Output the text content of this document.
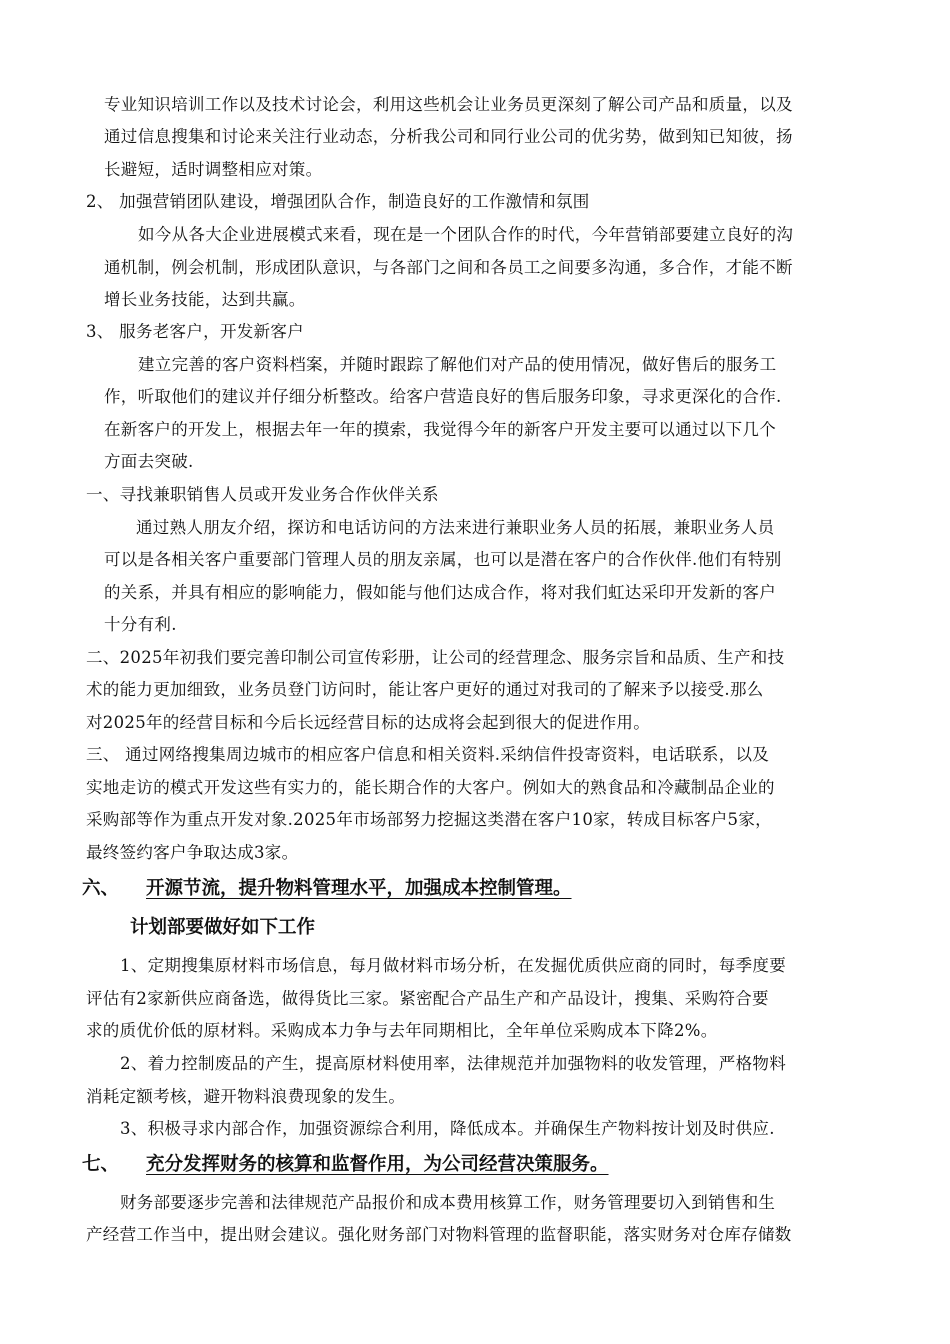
专业知识培训工作以及技术讨论会，利用这些机会让业务员更深刻了解公司产品和质量，以及
通过信息搜集和讨论来关注行业动态，分析我公司和同行业公司的优劣势，做到知已知彼，扬
长避短，适时调整相应对策。
2、 加强营销团队建设，增强团队合作，制造良好的工作激情和氛围
如今从各大企业进展模式来看，现在是一个团队合作的时代，今年营销部要建立良好的沟
通机制，例会机制，形成团队意识，与各部门之间和各员工之间要多沟通，多合作，才能不断
增长业务技能，达到共赢。
3、 服务老客户，开发新客户
建立完善的客户资料档案，并随时跟踪了解他们对产品的使用情况，做好售后的服务工
作，听取他们的建议并仔细分析整改。给客户营造良好的售后服务印象，寻求更深化的合作.
在新客户的开发上，根据去年一年的摸索，我觉得今年的新客户开发主要可以通过以下几个
方面去突破.
一、寻找兼职销售人员或开发业务合作伙伴关系
通过熟人朋友介绍，探访和电话访问的方法来进行兼职业务人员的拓展，兼职业务人员
可以是各相关客户重要部门管理人员的朋友亲属，也可以是潜在客户的合作伙伴.他们有特别
的关系，并具有相应的影响能力，假如能与他们达成合作，将对我们虹达采印开发新的客户
十分有利.
二、2025年初我们要完善印制公司宣传彩册，让公司的经营理念、服务宗旨和品质、生产和技
术的能力更加细致，业务员登门访问时，能让客户更好的通过对我司的了解来予以接受.那么
对2025年的经营目标和今后长远经营目标的达成将会起到很大的促进作用。
三、 通过网络搜集周边城市的相应客户信息和相关资料.采纳信件投寄资料，电话联系，以及
实地走访的模式开发这些有实力的，能长期合作的大客户。例如大的熟食品和冷藏制品企业的
采购部等作为重点开发对象.2025年市场部努力挖掘这类潜在客户10家，转成目标客户5家，
最终签约客户争取达成3家。
六、 开源节流，提升物料管理水平，加强成本控制管理。
计划部要做好如下工作
1、定期搜集原材料市场信息，每月做材料市场分析，在发掘优质供应商的同时，每季度要
评估有2家新供应商备选，做得货比三家。紧密配合产品生产和产品设计，搜集、采购符合要
求的质优价低的原材料。采购成本力争与去年同期相比，全年单位采购成本下降2%。
2、着力控制废品的产生，提高原材料使用率，法律规范并加强物料的收发管理，严格物料
消耗定额考核，避开物料浪费现象的发生。
3、积极寻求内部合作，加强资源综合利用，降低成本。并确保生产物料按计划及时供应.
七、 充分发挥财务的核算和监督作用，为公司经营决策服务。
财务部要逐步完善和法律规范产品报价和成本费用核算工作，财务管理要切入到销售和生
产经营工作当中，提出财会建议。强化财务部门对物料管理的监督职能，落实财务对仓库存储数
